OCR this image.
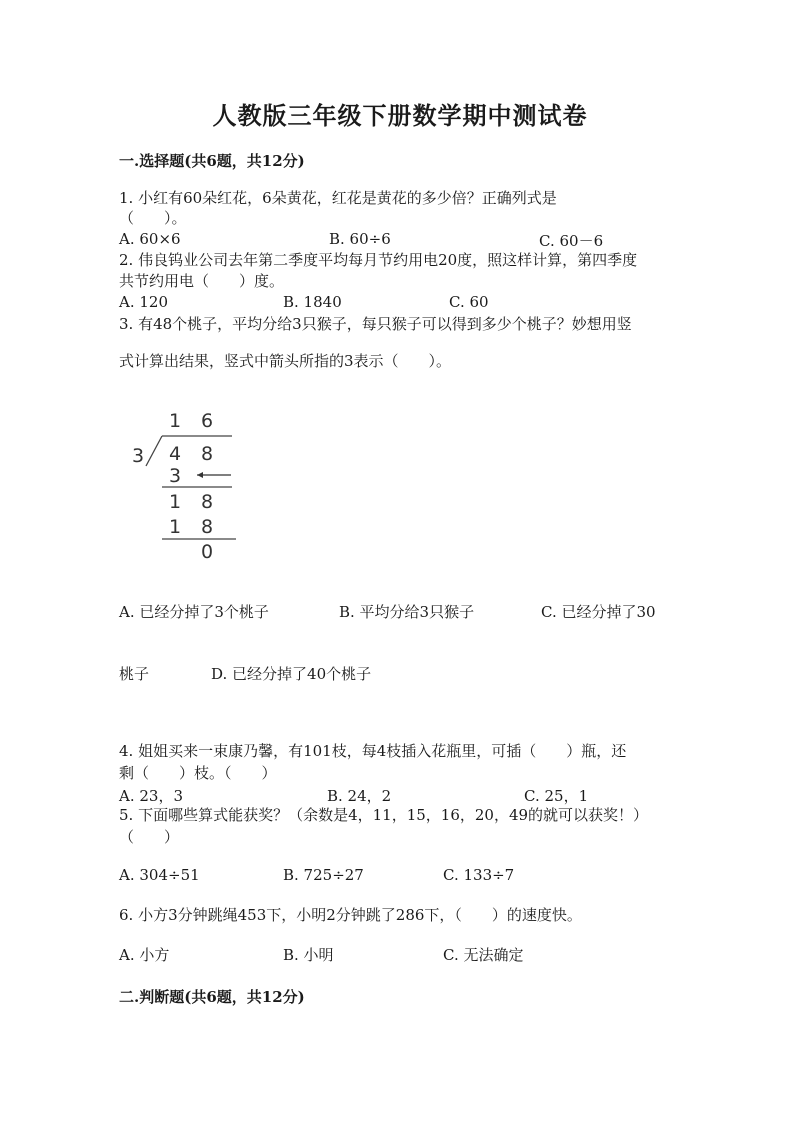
人教版三年级下册数学期中测试卷
一.选择题(共6题，共12分)
1. 小红有60朵红花，6朵黄花，红花是黄花的多少倍？正确列式是
（　　）。
A. 60×6	B. 60÷6	C. 60－6
2. 伟良钨业公司去年第二季度平均每月节约用电20度，照这样计算，第四季度
共节约用电（　　）度。
A. 120	B. 1840	C. 60
3. 有48个桃子，平均分给3只猴子，每只猴子可以得到多少个桃子？妙想用竖
式计算出结果，竖式中箭头所指的3表示（　　）。
1 6
3 4 8
3
1 8
1 8
0
A. 已经分掉了3个桃子	B. 平均分给3只猴子	C. 已经分掉了30
桃子	D. 已经分掉了40个桃子
4. 姐姐买来一束康乃馨，有101枝，每4枝插入花瓶里，可插（　　）瓶，还
剩（　　）枝。（　　）
A. 23，3	B. 24，2	C. 25，1
5. 下面哪些算式能获奖？（余数是4，11，15，16，20，49的就可以获奖！）
（　　）
A. 304÷51	B. 725÷27	C. 133÷7
6. 小方3分钟跳绳453下，小明2分钟跳了286下，（　　）的速度快。
A. 小方	B. 小明	C. 无法确定
二.判断题(共6题，共12分)
